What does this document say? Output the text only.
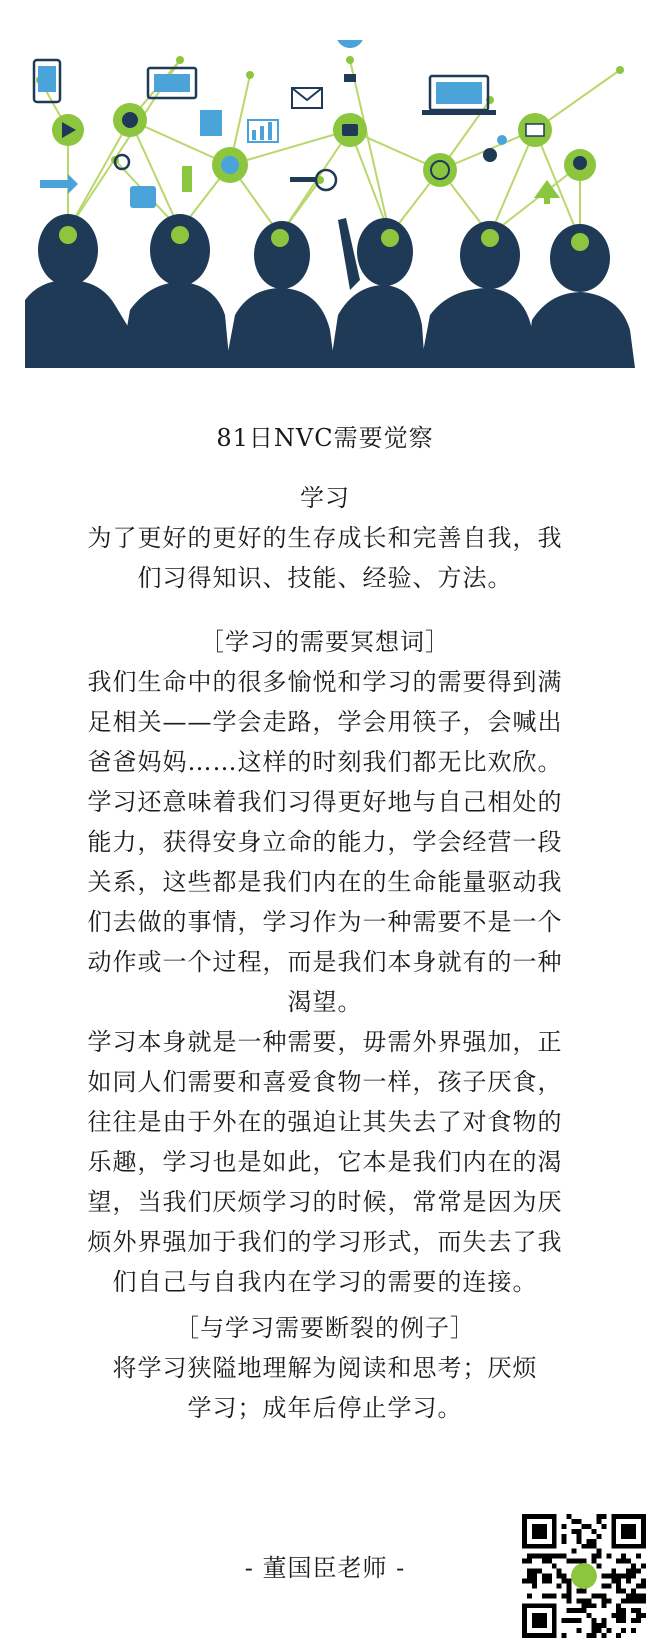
81日NVC需要觉察
学习
为了更好的更好的生存成长和完善自我，我
们习得知识、技能、经验、方法。
［学习的需要冥想词］
我们生命中的很多愉悦和学习的需要得到满
足相关——学会走路，学会用筷子，会喊出
爸爸妈妈……这样的时刻我们都无比欢欣。
学习还意味着我们习得更好地与自己相处的
能力，获得安身立命的能力，学会经营一段
关系，这些都是我们内在的生命能量驱动我
们去做的事情，学习作为一种需要不是一个
动作或一个过程，而是我们本身就有的一种
渴望。
学习本身就是一种需要，毋需外界强加，正
如同人们需要和喜爱食物一样，孩子厌食，
往往是由于外在的强迫让其失去了对食物的
乐趣，学习也是如此，它本是我们内在的渴
望，当我们厌烦学习的时候，常常是因为厌
烦外界强加于我们的学习形式，而失去了我
们自己与自我内在学习的需要的连接。
［与学习需要断裂的例子］
将学习狭隘地理解为阅读和思考；厌烦
学习；成年后停止学习。
- 董国臣老师 -
